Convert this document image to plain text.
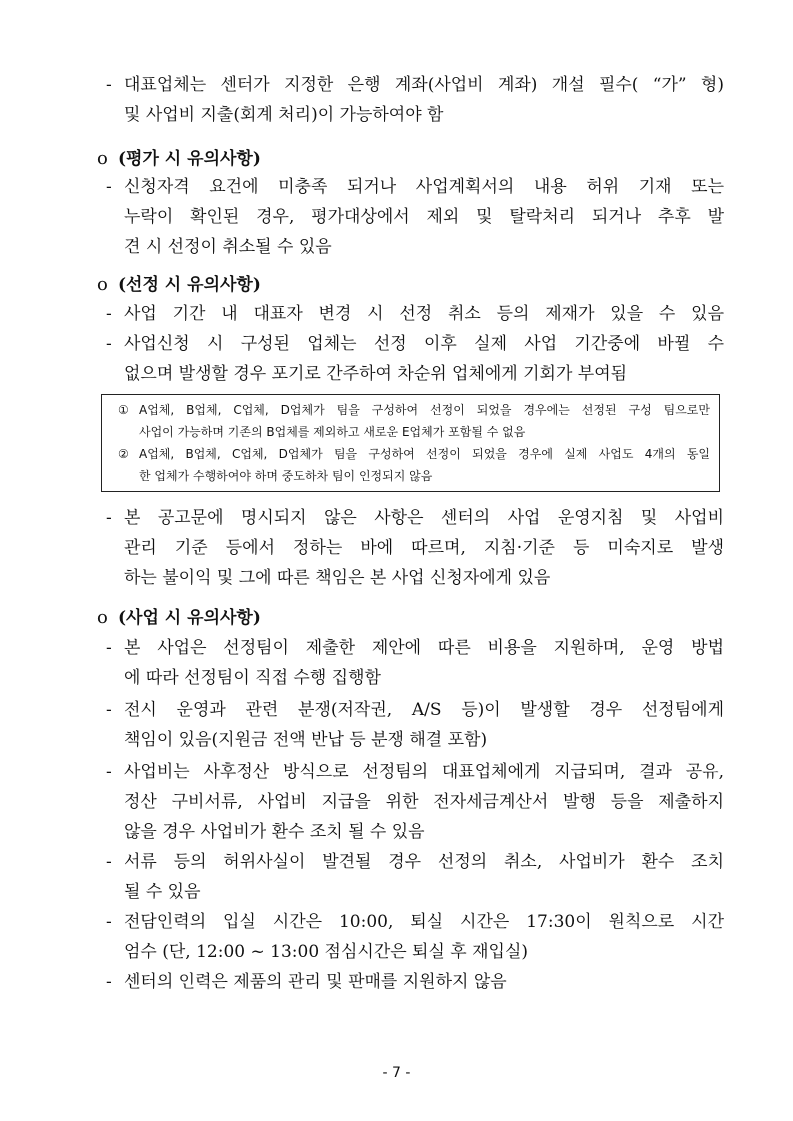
- 대표업체는 센터가 지정한 은행 계좌(사업비 계좌) 개설 필수( “가” 형)
및 사업비 지출(회계 처리)이 가능하여야 함
o (평가 시 유의사항)
- 신청자격 요건에 미충족 되거나 사업계획서의 내용 허위 기재 또는
누락이 확인된 경우, 평가대상에서 제외 및 탈락처리 되거나 추후 발
견 시 선정이 취소될 수 있음
o (선정 시 유의사항)
- 사업 기간 내 대표자 변경 시 선정 취소 등의 제재가 있을 수 있음
- 사업신청 시 구성된 업체는 선정 이후 실제 사업 기간중에 바뀔 수
없으며 발생할 경우 포기로 간주하여 차순위 업체에게 기회가 부여됨
① A업체, B업체, C업체, D업체가 팀을 구성하여 선정이 되었을 경우에는 선정된 구성 팀으로만
사업이 가능하며 기존의 B업체를 제외하고 새로운 E업체가 포함될 수 없음
② A업체, B업체, C업체, D업체가 팀을 구성하여 선정이 되었을 경우에 실제 사업도 4개의 동일
한 업체가 수행하여야 하며 중도하차 팀이 인정되지 않음
- 본 공고문에 명시되지 않은 사항은 센터의 사업 운영지침 및 사업비
관리 기준 등에서 정하는 바에 따르며, 지침·기준 등 미숙지로 발생
하는 불이익 및 그에 따른 책임은 본 사업 신청자에게 있음
o (사업 시 유의사항)
- 본 사업은 선정팀이 제출한 제안에 따른 비용을 지원하며, 운영 방법
에 따라 선정팀이 직접 수행 집행함
- 전시 운영과 관련 분쟁(저작권, A/S 등)이 발생할 경우 선정팀에게
책임이 있음(지원금 전액 반납 등 분쟁 해결 포함)
- 사업비는 사후정산 방식으로 선정팀의 대표업체에게 지급되며, 결과 공유,
정산 구비서류, 사업비 지급을 위한 전자세금계산서 발행 등을 제출하지
않을 경우 사업비가 환수 조치 될 수 있음
- 서류 등의 허위사실이 발견될 경우 선정의 취소, 사업비가 환수 조치
될 수 있음
- 전담인력의 입실 시간은 10:00, 퇴실 시간은 17:30이 원칙으로 시간
엄수 (단, 12:00 ~ 13:00 점심시간은 퇴실 후 재입실)
- 센터의 인력은 제품의 관리 및 판매를 지원하지 않음
- 7 -
